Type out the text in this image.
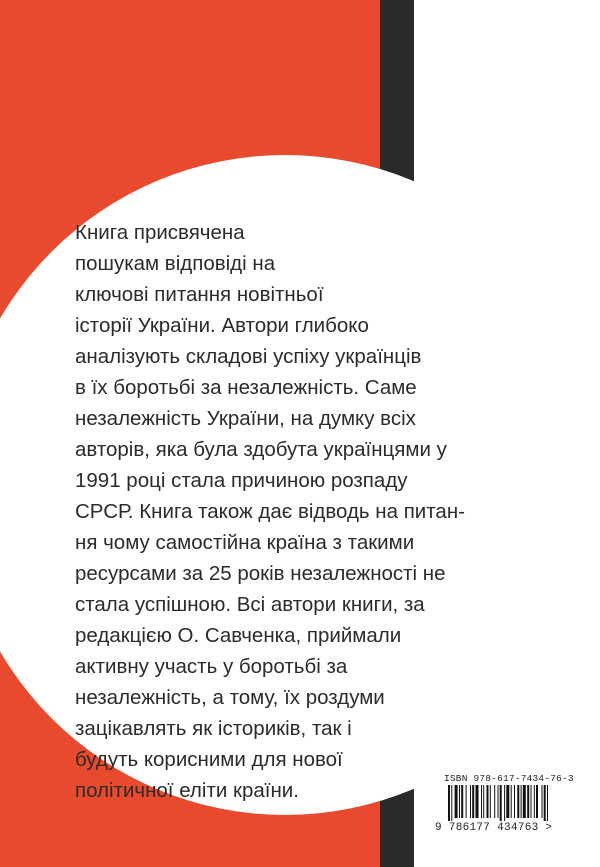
Книга присвячена
пошукам відповіді на
ключові питання новітньої
історії України. Автори глибоко
аналізують складові успіху українців
в їх боротьбі за незалежність. Саме
незалежність України, на думку всіх
авторів, яка була здобута українцями у
1991 році стала причиною розпаду
СРСР. Книга також дає відводь на питан-
ня чому самостійна країна з такими
ресурсами за 25 років незалежності не
стала успішною. Всі автори книги, за
редакцією О. Савченка, приймали
активну участь у боротьбі за
незалежність, а тому, їх роздуми
зацікавлять як істориків, так і
будуть корисними для нової
політичної еліти країни.
ISBN 978-617-7434-76-3
9 786177 434763 >
